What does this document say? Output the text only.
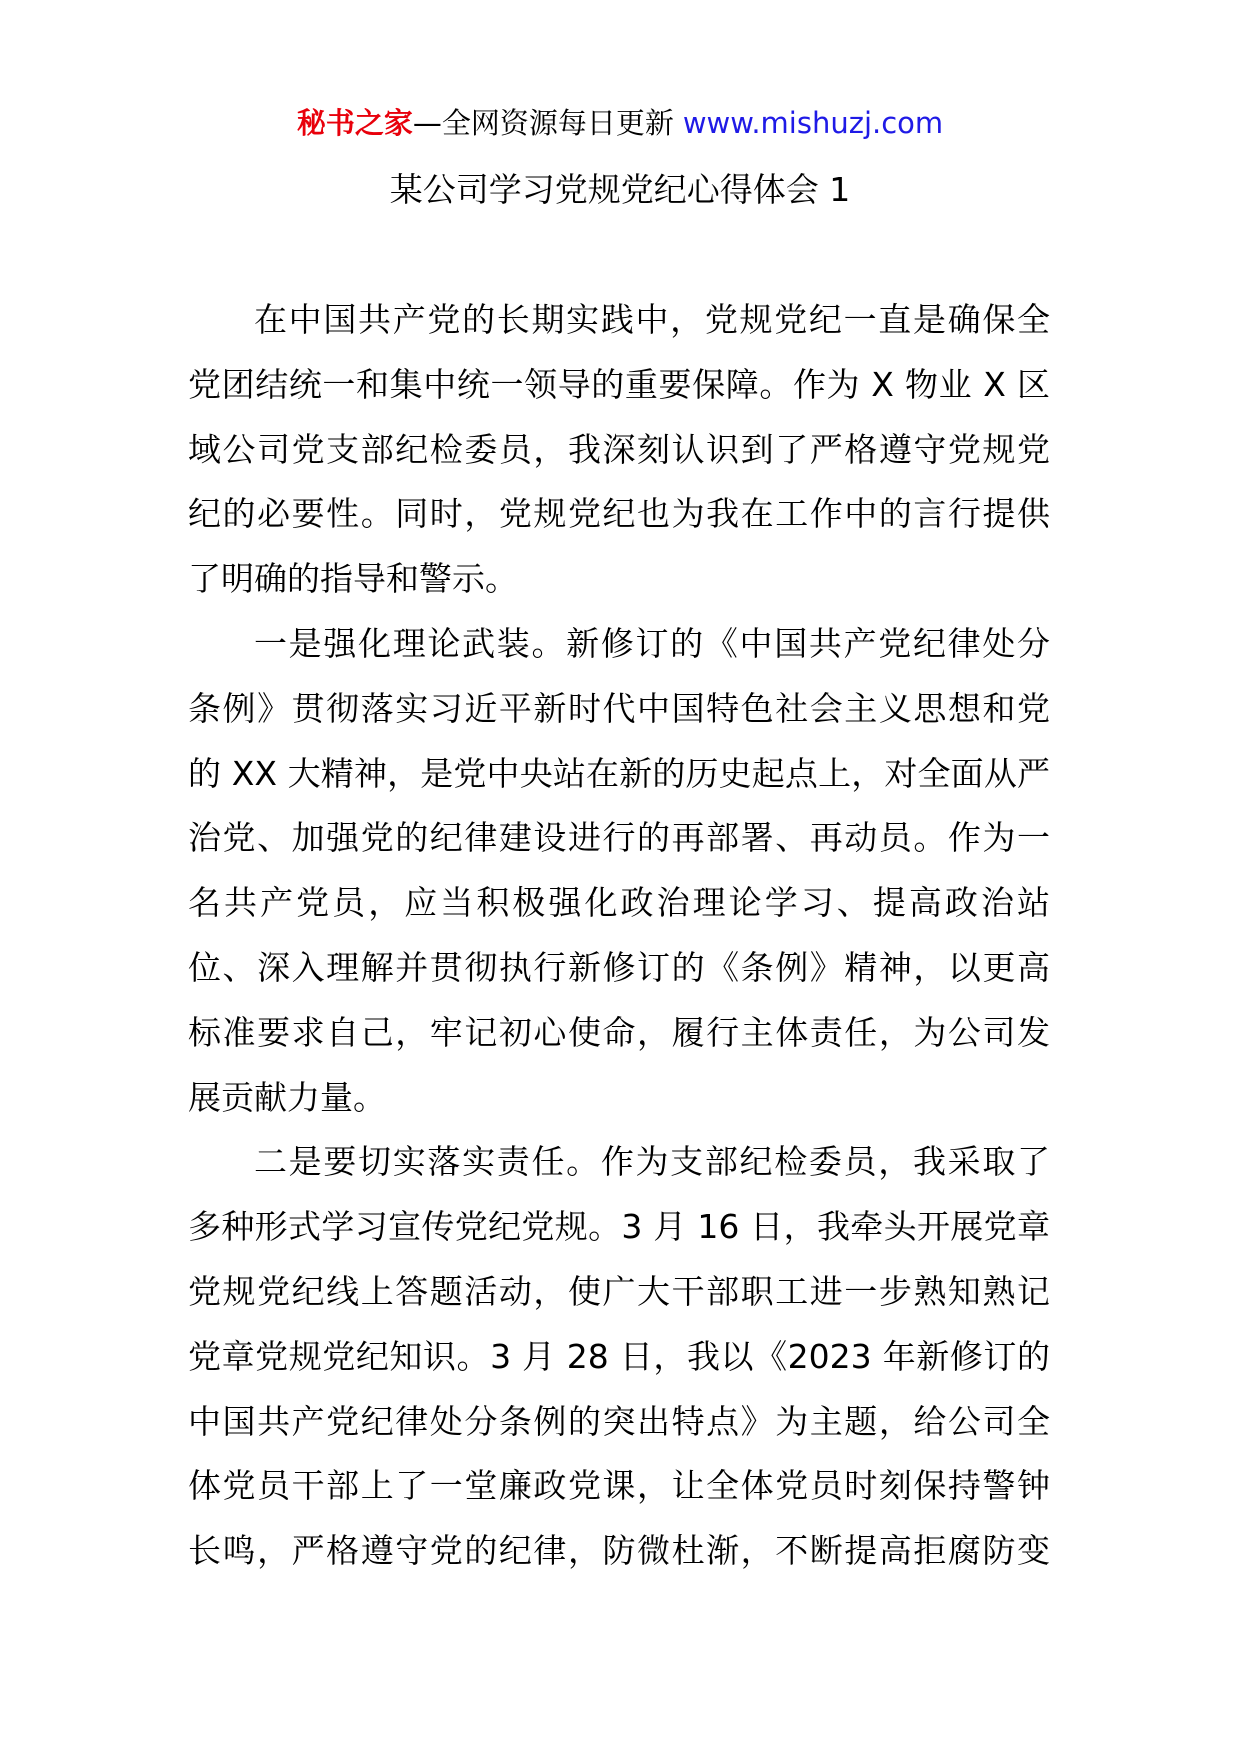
秘书之家—全网资源每日更新 www.mishuzj.com
某公司学习党规党纪心得体会 1
在中国共产党的长期实践中，党规党纪一直是确保全
党团结统一和集中统一领导的重要保障。作为 X 物业 X 区
域公司党支部纪检委员，我深刻认识到了严格遵守党规党
纪的必要性。同时，党规党纪也为我在工作中的言行提供
了明确的指导和警示。
一是强化理论武装。新修订的《中国共产党纪律处分
条例》贯彻落实习近平新时代中国特色社会主义思想和党
的 XX 大精神，是党中央站在新的历史起点上，对全面从严
治党、加强党的纪律建设进行的再部署、再动员。作为一
名共产党员，应当积极强化政治理论学习、提高政治站
位、深入理解并贯彻执行新修订的《条例》精神，以更高
标准要求自己，牢记初心使命，履行主体责任，为公司发
展贡献力量。
二是要切实落实责任。作为支部纪检委员，我采取了
多种形式学习宣传党纪党规。3 月 16 日，我牵头开展党章
党规党纪线上答题活动，使广大干部职工进一步熟知熟记
党章党规党纪知识。3 月 28 日，我以《2023 年新修订的
中国共产党纪律处分条例的突出特点》为主题，给公司全
体党员干部上了一堂廉政党课，让全体党员时刻保持警钟
长鸣，严格遵守党的纪律，防微杜渐，不断提高拒腐防变
